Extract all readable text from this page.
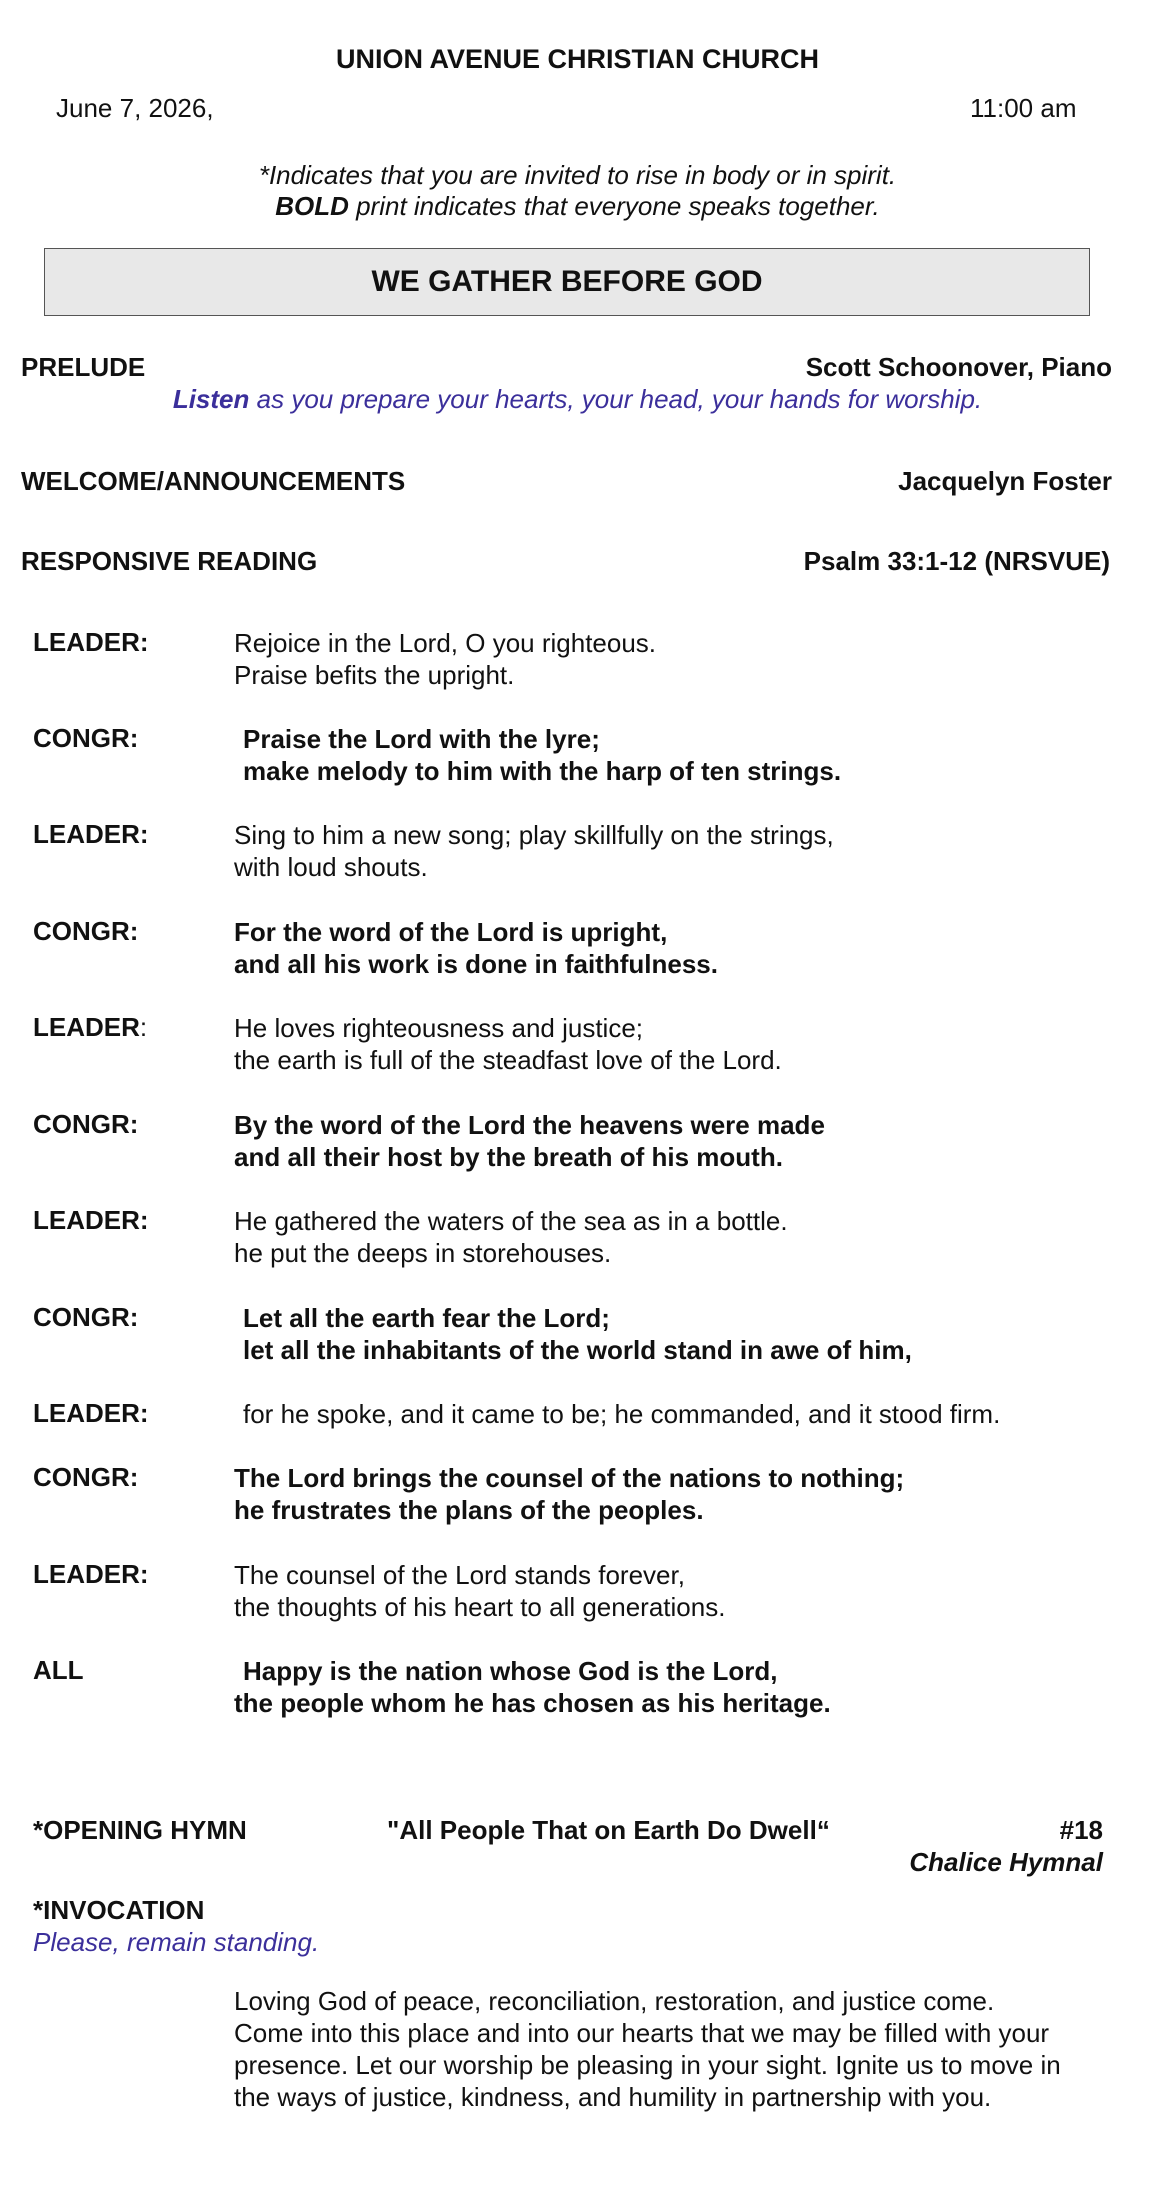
UNION AVENUE CHRISTIAN CHURCH
June 7, 2026,	11:00 am
*Indicates that you are invited to rise in body or in spirit.
BOLD print indicates that everyone speaks together.
WE GATHER BEFORE GOD
PRELUDE	Scott Schoonover, Piano
Listen as you prepare your hearts, your head, your hands for worship.
WELCOME/ANNOUNCEMENTS	Jacquelyn Foster
RESPONSIVE READING	Psalm 33:1-12 (NRSVUE)
LEADER:	Rejoice in the Lord, O you righteous.
Praise befits the upright.
CONGR:	Praise the Lord with the lyre;
make melody to him with the harp of ten strings.
LEADER:	Sing to him a new song; play skillfully on the strings,
with loud shouts.
CONGR:	For the word of the Lord is upright,
and all his work is done in faithfulness.
LEADER:	He loves righteousness and justice;
the earth is full of the steadfast love of the Lord.
CONGR:	By the word of the Lord the heavens were made
and all their host by the breath of his mouth.
LEADER:	He gathered the waters of the sea as in a bottle.
he put the deeps in storehouses.
CONGR:	Let all the earth fear the Lord;
let all the inhabitants of the world stand in awe of him,
LEADER:	for he spoke, and it came to be; he commanded, and it stood firm.
CONGR:	The Lord brings the counsel of the nations to nothing;
he frustrates the plans of the peoples.
LEADER:	The counsel of the Lord stands forever,
the thoughts of his heart to all generations.
ALL	Happy is the nation whose God is the Lord,
the people whom he has chosen as his heritage.
*OPENING HYMN	"All People That on Earth Do Dwell“	#18
Chalice Hymnal
*INVOCATION
Please, remain standing.
Loving God of peace, reconciliation, restoration, and justice come.
Come into this place and into our hearts that we may be filled with your
presence. Let our worship be pleasing in your sight. Ignite us to move in
the ways of justice, kindness, and humility in partnership with you.
